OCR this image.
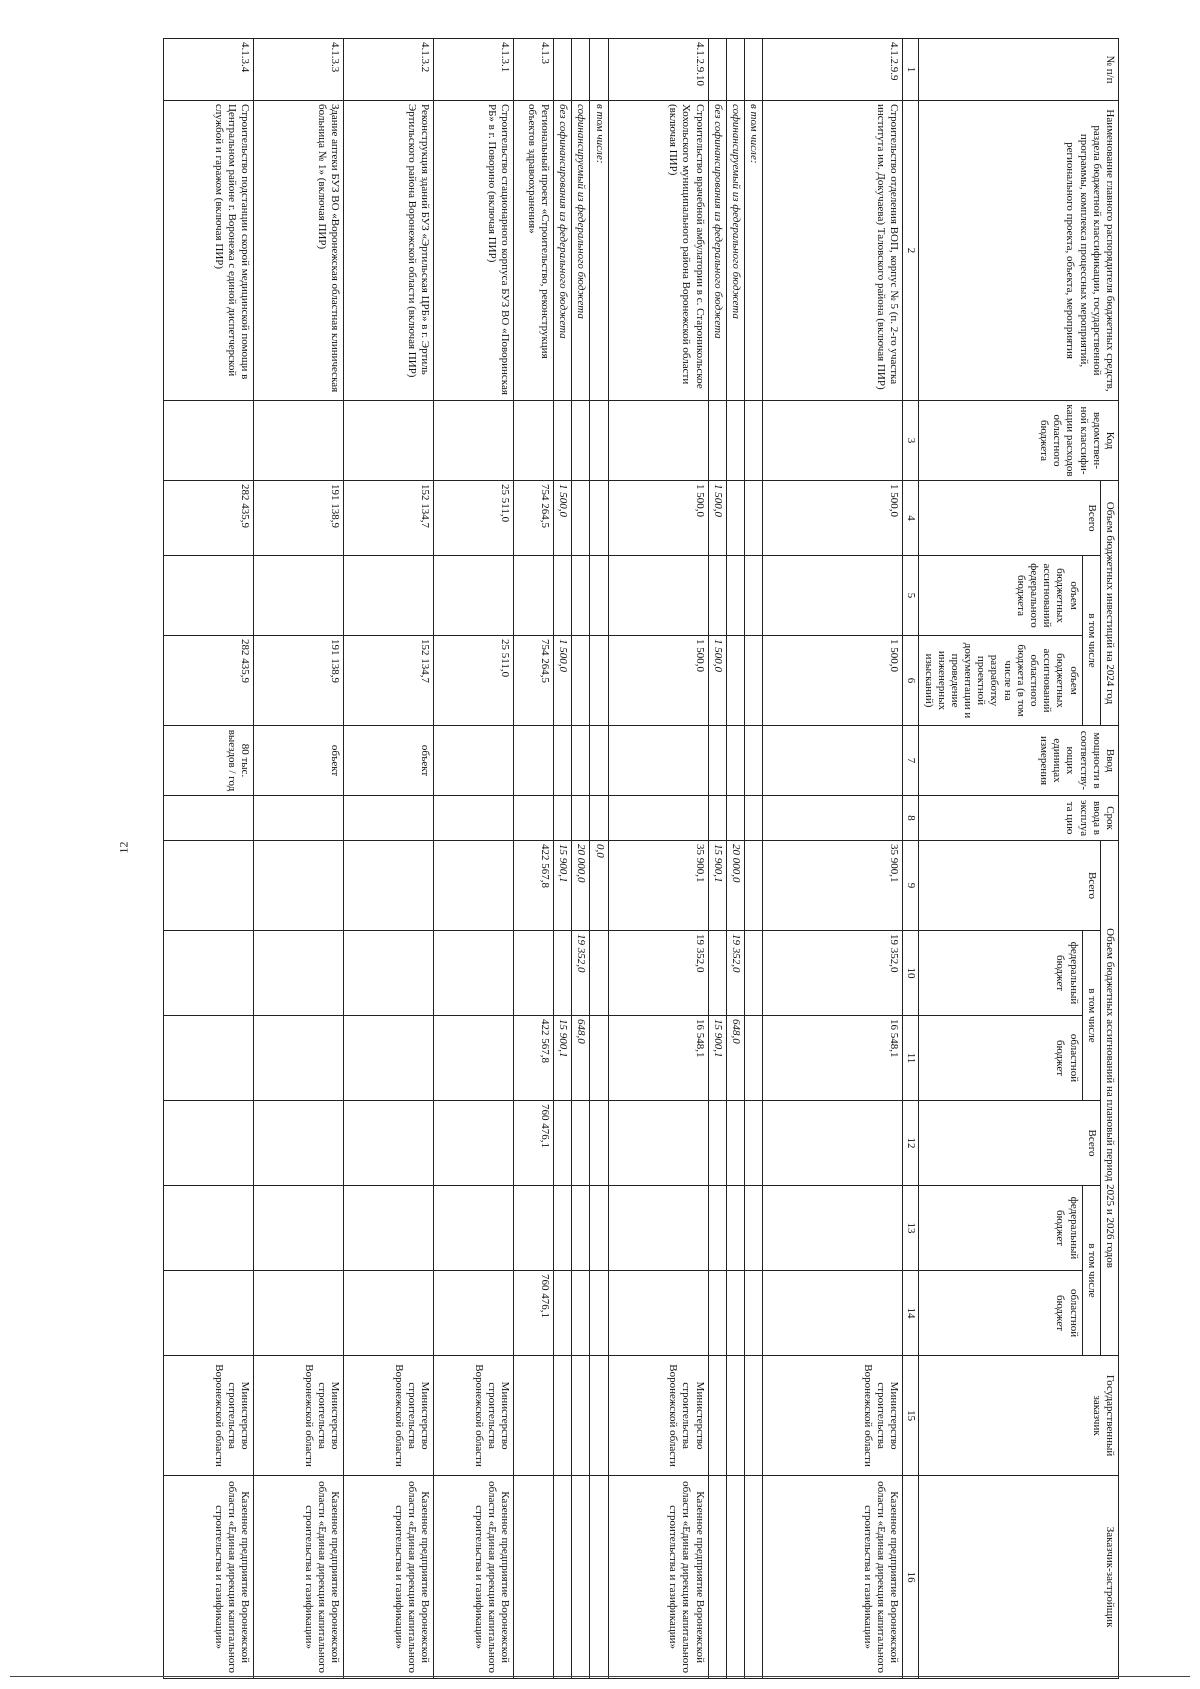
12
№ п/п	Наименование главного распорядителя бюджетных средств, раздела бюджетной классификации, государственной программы, комплекса процессных мероприятий, регионального проекта, объекта, мероприятия	Код ведомствен-ной классифи-кации расходов областного бюджета	Объем бюджетных инвестиций на 2024 год			Ввод мощности в соответству-ющих единицах измерения	Срок ввода в эксплуата цию	Объем бюджетных ассигнований на плановый период 2025 и 2026 годов						Государственный заказчик	Заказчик-застройщик
			Всего	в том числе				Всего	в том числе		Всего	в том числе			
				объем бюджетных ассигнований федерального бюджета	объем бюджетных ассигнований областного бюджета (в том числе на разработку проектной документации и проведение инженерных изысканий)				федеральный бюджет	областной бюджет		федеральный бюджет	областной бюджет		
1	2	3	4	5	6	7	8	9	10	11	12	13	14	15	16
4.1.2.9.9	Строительство отделения ВОП, корпус № 5 (п. 2-го участка института им. Докучаева) Таловского района (включая ПИР)		1 500,0		1 500,0			35 900,1	19 352,0	16 548,1				Министерство строительства Воронежской области	Казенное предприятие Воронежской области «Единая дирекция капитального строительства и газификации»
	в том числе:														
	софинансируемый из федерального бюджета							20 000,0	19 352,0	648,0					
	без софинансирования из федерального бюджета		1 500,0		1 500,0			15 900,1		15 900,1					
4.1.2.9.10	Строительство врачебной амбулатории в с. Староникольское Хохольского муниципального района Воронежской области (включая ПИР)		1 500,0		1 500,0			35 900,1	19 352,0	16 548,1				Министерство строительства Воронежской области	Казенное предприятие Воронежской области «Единая дирекция капитального строительства и газификации»
	в том числе:							0,0							
	софинансируемый из федерального бюджета							20 000,0	19 352,0	648,0					
	без софинансирования из федерального бюджета		1 500,0		1 500,0			15 900,1		15 900,1					
4.1.3	Региональный проект «Строительство, реконструкция объектов здравоохранения»		754 264,5		754 264,5			422 567,8		422 567,8	760 476,1		760 476,1		
4.1.3.1	Строительство стационарного корпуса БУЗ ВО «Поворинская РБ» в г. Поворино (включая ПИР)		25 511,0		25 511,0									Министерство строительства Воронежской области	Казенное предприятие Воронежской области «Единая дирекция капитального строительства и газификации»
4.1.3.2	Реконструкция зданий БУЗ «Эртильская ЦРБ» в г. Эртиль Эртильского района Воронежской области (включая ПИР)		152 134,7		152 134,7	объект								Министерство строительства Воронежской области	Казенное предприятие Воронежской области «Единая дирекция капитального строительства и газификации»
4.1.3.3	Здание аптеки БУЗ ВО «Воронежская областная клиническая больница № 1» (включая ПИР)		191 138,9		191 138,9	объект								Министерство строительства Воронежской области	Казенное предприятие Воронежской области «Единая дирекция капитального строительства и газификации»
4.1.3.4	Строительство подстанции скорой медицинской помощи в Центральном районе г. Воронежа с единой диспетчерской службой и гаражом (включая ПИР)		282 435,9		282 435,9	80 тыс. выездов / год								Министерство строительства Воронежской области	Казенное предприятие Воронежской области «Единая дирекция капитального строительства и газификации»
